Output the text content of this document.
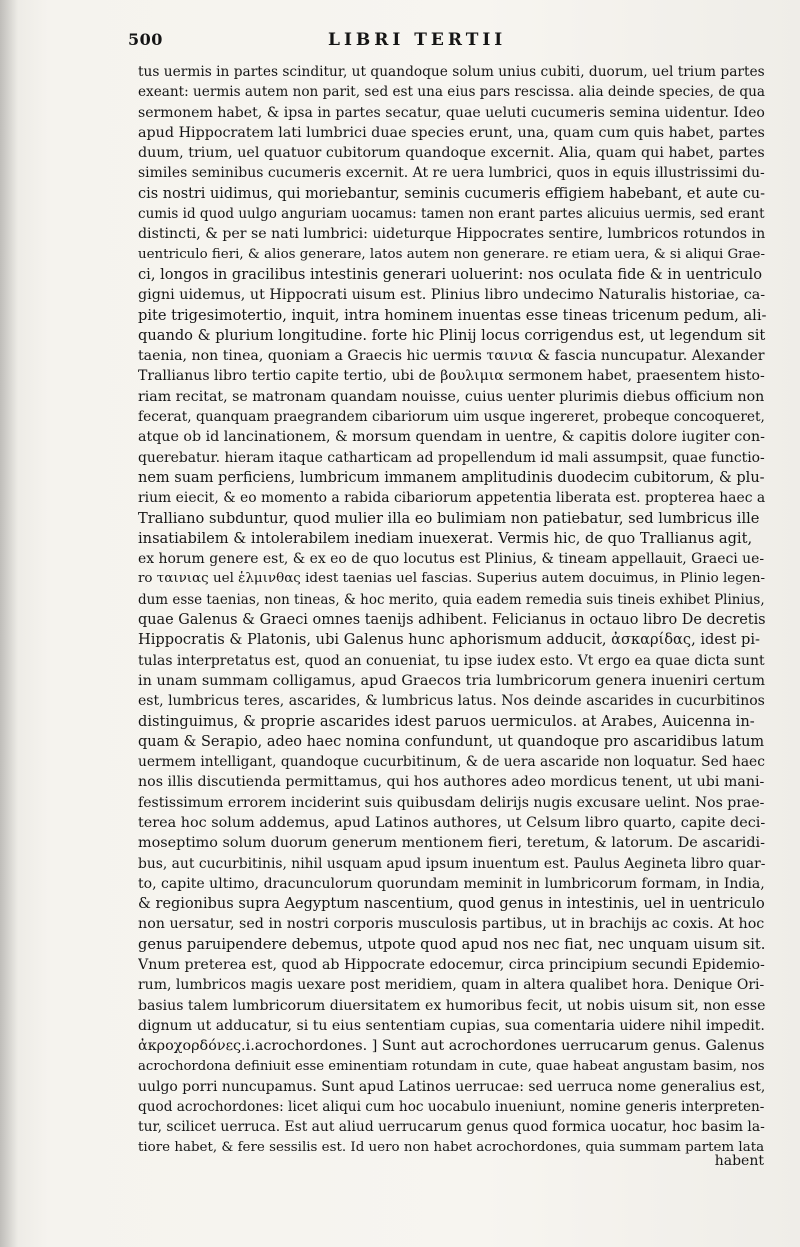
500	LIBRI TERTII
tus uermis in partes scinditur, ut quandoque solum unius cubiti, duorum, uel trium partes
exeant: uermis autem non parit, sed est una eius pars rescissa. alia deinde species, de qua
sermonem habet, & ipsa in partes secatur, quae ueluti cucumeris semina uidentur. Ideo
apud Hippocratem lati lumbrici duae species erunt, una, quam cum quis habet, partes
duum, trium, uel quatuor cubitorum quandoque excernit. Alia, quam qui habet, partes
similes seminibus cucumeris excernit. At re uera lumbrici, quos in equis illustrissimi du-
cis nostri uidimus, qui moriebantur, seminis cucumeris effigiem habebant, et aute cu-
cumis id quod uulgo anguriam uocamus: tamen non erant partes alicuius uermis, sed erant
distincti, & per se nati lumbrici: uideturque Hippocrates sentire, lumbricos rotundos in
uentriculo fieri, & alios generare, latos autem non generare. re etiam uera, & si aliqui Grae-
ci, longos in gracilibus intestinis generari uoluerint: nos oculata fide & in uentriculo
gigni uidemus, ut Hippocrati uisum est. Plinius libro undecimo Naturalis historiae, ca-
pite trigesimotertio, inquit, intra hominem inuentas esse tineas tricenum pedum, ali-
quando & plurium longitudine. forte hic Plinij locus corrigendus est, ut legendum sit
taenia, non tinea, quoniam a Graecis hic uermis ταινια & fascia nuncupatur. Alexander
Trallianus libro tertio capite tertio, ubi de βουλιμια sermonem habet, praesentem histo-
riam recitat, se matronam quandam nouisse, cuius uenter plurimis diebus officium non
fecerat, quanquam praegrandem cibariorum uim usque ingereret, probeque concoqueret,
atque ob id lancinationem, & morsum quendam in uentre, & capitis dolore iugiter con-
querebatur. hieram itaque catharticam ad propellendum id mali assumpsit, quae functio-
nem suam perficiens, lumbricum immanem amplitudinis duodecim cubitorum, & plu-
rium eiecit, & eo momento a rabida cibariorum appetentia liberata est. propterea haec a
Tralliano subduntur, quod mulier illa eo bulimiam non patiebatur, sed lumbricus ille
insatiabilem & intolerabilem inediam inuexerat. Vermis hic, de quo Trallianus agit,
ex horum genere est, & ex eo de quo locutus est Plinius, & tineam appellauit, Graeci ue-
ro ταινιας uel ἑλμινθας idest taenias uel fascias. Superius autem docuimus, in Plinio legen-
dum esse taenias, non tineas, & hoc merito, quia eadem remedia suis tineis exhibet Plinius,
quae Galenus & Graeci omnes taenijs adhibent. Felicianus in octauo libro De decretis
Hippocratis & Platonis, ubi Galenus hunc aphorismum adducit, ἀσκαρίδας, idest pi-
tulas interpretatus est, quod an conueniat, tu ipse iudex esto. Vt ergo ea quae dicta sunt
in unam summam colligamus, apud Graecos tria lumbricorum genera inueniri certum
est, lumbricus teres, ascarides, & lumbricus latus. Nos deinde ascarides in cucurbitinos
distinguimus, & proprie ascarides idest paruos uermiculos. at Arabes, Auicenna in-
quam & Serapio, adeo haec nomina confundunt, ut quandoque pro ascaridibus latum
uermem intelligant, quandoque cucurbitinum, & de uera ascaride non loquatur. Sed haec
nos illis discutienda permittamus, qui hos authores adeo mordicus tenent, ut ubi mani-
festissimum errorem inciderint suis quibusdam delirijs nugis excusare uelint. Nos prae-
terea hoc solum addemus, apud Latinos authores, ut Celsum libro quarto, capite deci-
moseptimo solum duorum generum mentionem fieri, teretum, & latorum. De ascaridi-
bus, aut cucurbitinis, nihil usquam apud ipsum inuentum est. Paulus Aegineta libro quar-
to, capite ultimo, dracunculorum quorundam meminit in lumbricorum formam, in India,
& regionibus supra Aegyptum nascentium, quod genus in intestinis, uel in uentriculo
non uersatur, sed in nostri corporis musculosis partibus, ut in brachijs ac coxis. At hoc
genus paruipendere debemus, utpote quod apud nos nec fiat, nec unquam uisum sit.
Vnum preterea est, quod ab Hippocrate edocemur, circa principium secundi Epidemio-
rum, lumbricos magis uexare post meridiem, quam in altera qualibet hora. Denique Ori-
basius talem lumbricorum diuersitatem ex humoribus fecit, ut nobis uisum sit, non esse
dignum ut adducatur, si tu eius sententiam cupias, sua comentaria uidere nihil impedit.
ἀκροχορδόνες.i.acrochordones. ] Sunt aut acrochordones uerrucarum genus. Galenus
acrochordona definiuit esse eminentiam rotundam in cute, quae habeat angustam basim, nos
uulgo porri nuncupamus. Sunt apud Latinos uerrucae: sed uerruca nome generalius est,
quod acrochordones: licet aliqui cum hoc uocabulo inueniunt, nomine generis interpreten-
tur, scilicet uerruca. Est aut aliud uerrucarum genus quod formica uocatur, hoc basim la-
tiore habet, & fere sessilis est. Id uero non habet acrochordones, quia summam partem lata
habent
